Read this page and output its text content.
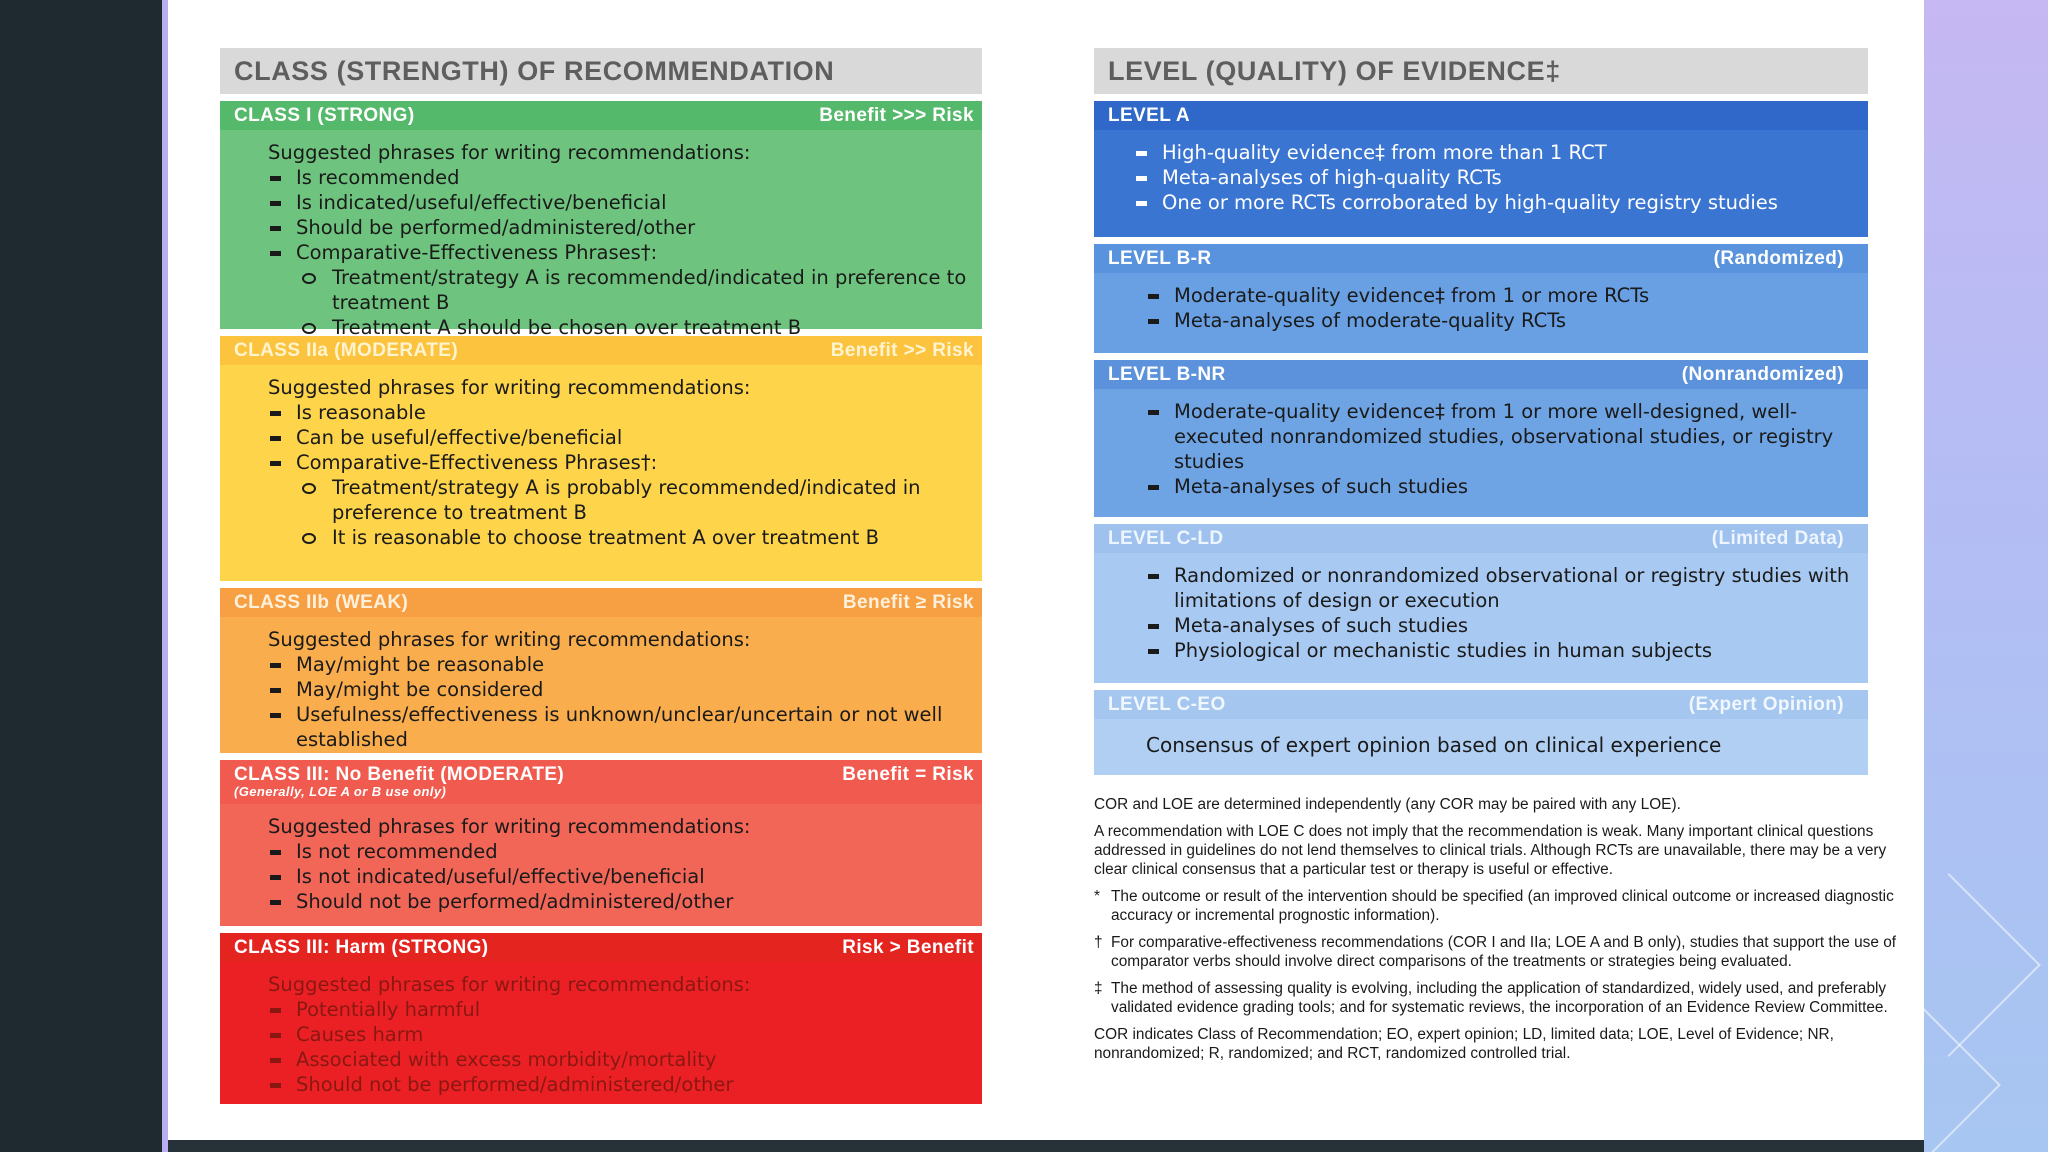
CLASS (STRENGTH) OF RECOMMENDATION
CLASS I (STRONG)	Benefit >>> Risk
Suggested phrases for writing recommendations:
Is recommended
Is indicated/useful/effective/beneficial
Should be performed/administered/other
Comparative-Effectiveness Phrases†:
Treatment/strategy A is recommended/indicated in preference to treatment B
Treatment A should be chosen over treatment B
CLASS IIa (MODERATE)	Benefit >> Risk
Suggested phrases for writing recommendations:
Is reasonable
Can be useful/effective/beneficial
Comparative-Effectiveness Phrases†:
Treatment/strategy A is probably recommended/indicated in preference to treatment B
It is reasonable to choose treatment A over treatment B
CLASS IIb (WEAK)	Benefit ≥ Risk
Suggested phrases for writing recommendations:
May/might be reasonable
May/might be considered
Usefulness/effectiveness is unknown/unclear/uncertain or not well established
CLASS III: No Benefit (MODERATE)
(Generally, LOE A or B use only)
Benefit = Risk
Suggested phrases for writing recommendations:
Is not recommended
Is not indicated/useful/effective/beneficial
Should not be performed/administered/other
CLASS III: Harm (STRONG)	Risk > Benefit
Suggested phrases for writing recommendations:
Potentially harmful
Causes harm
Associated with excess morbidity/mortality
Should not be performed/administered/other
LEVEL (QUALITY) OF EVIDENCE‡
LEVEL A
High-quality evidence‡ from more than 1 RCT
Meta-analyses of high-quality RCTs
One or more RCTs corroborated by high-quality registry studies
LEVEL B-R	(Randomized)
Moderate-quality evidence‡ from 1 or more RCTs
Meta-analyses of moderate-quality RCTs
LEVEL B-NR	(Nonrandomized)
Moderate-quality evidence‡ from 1 or more well-designed, well-executed nonrandomized studies, observational studies, or registry studies
Meta-analyses of such studies
LEVEL C-LD	(Limited Data)
Randomized or nonrandomized observational or registry studies with limitations of design or execution
Meta-analyses of such studies
Physiological or mechanistic studies in human subjects
LEVEL C-EO	(Expert Opinion)

Consensus of expert opinion based on clinical experience

COR and LOE are determined independently (any COR may be paired with any LOE).

A recommendation with LOE C does not imply that the recommendation is weak. Many important clinical questions addressed in guidelines do not lend themselves to clinical trials. Although RCTs are unavailable, there may be a very clear clinical consensus that a particular test or therapy is useful or effective.

* The outcome or result of the intervention should be specified (an improved clinical outcome or increased diagnostic accuracy or incremental prognostic information).

† For comparative-effectiveness recommendations (COR I and IIa; LOE A and B only), studies that support the use of comparator verbs should involve direct comparisons of the treatments or strategies being evaluated.

‡ The method of assessing quality is evolving, including the application of standardized, widely used, and preferably validated evidence grading tools; and for systematic reviews, the incorporation of an Evidence Review Committee.

COR indicates Class of Recommendation; EO, expert opinion; LD, limited data; LOE, Level of Evidence; NR, nonrandomized; R, randomized; and RCT, randomized controlled trial.
